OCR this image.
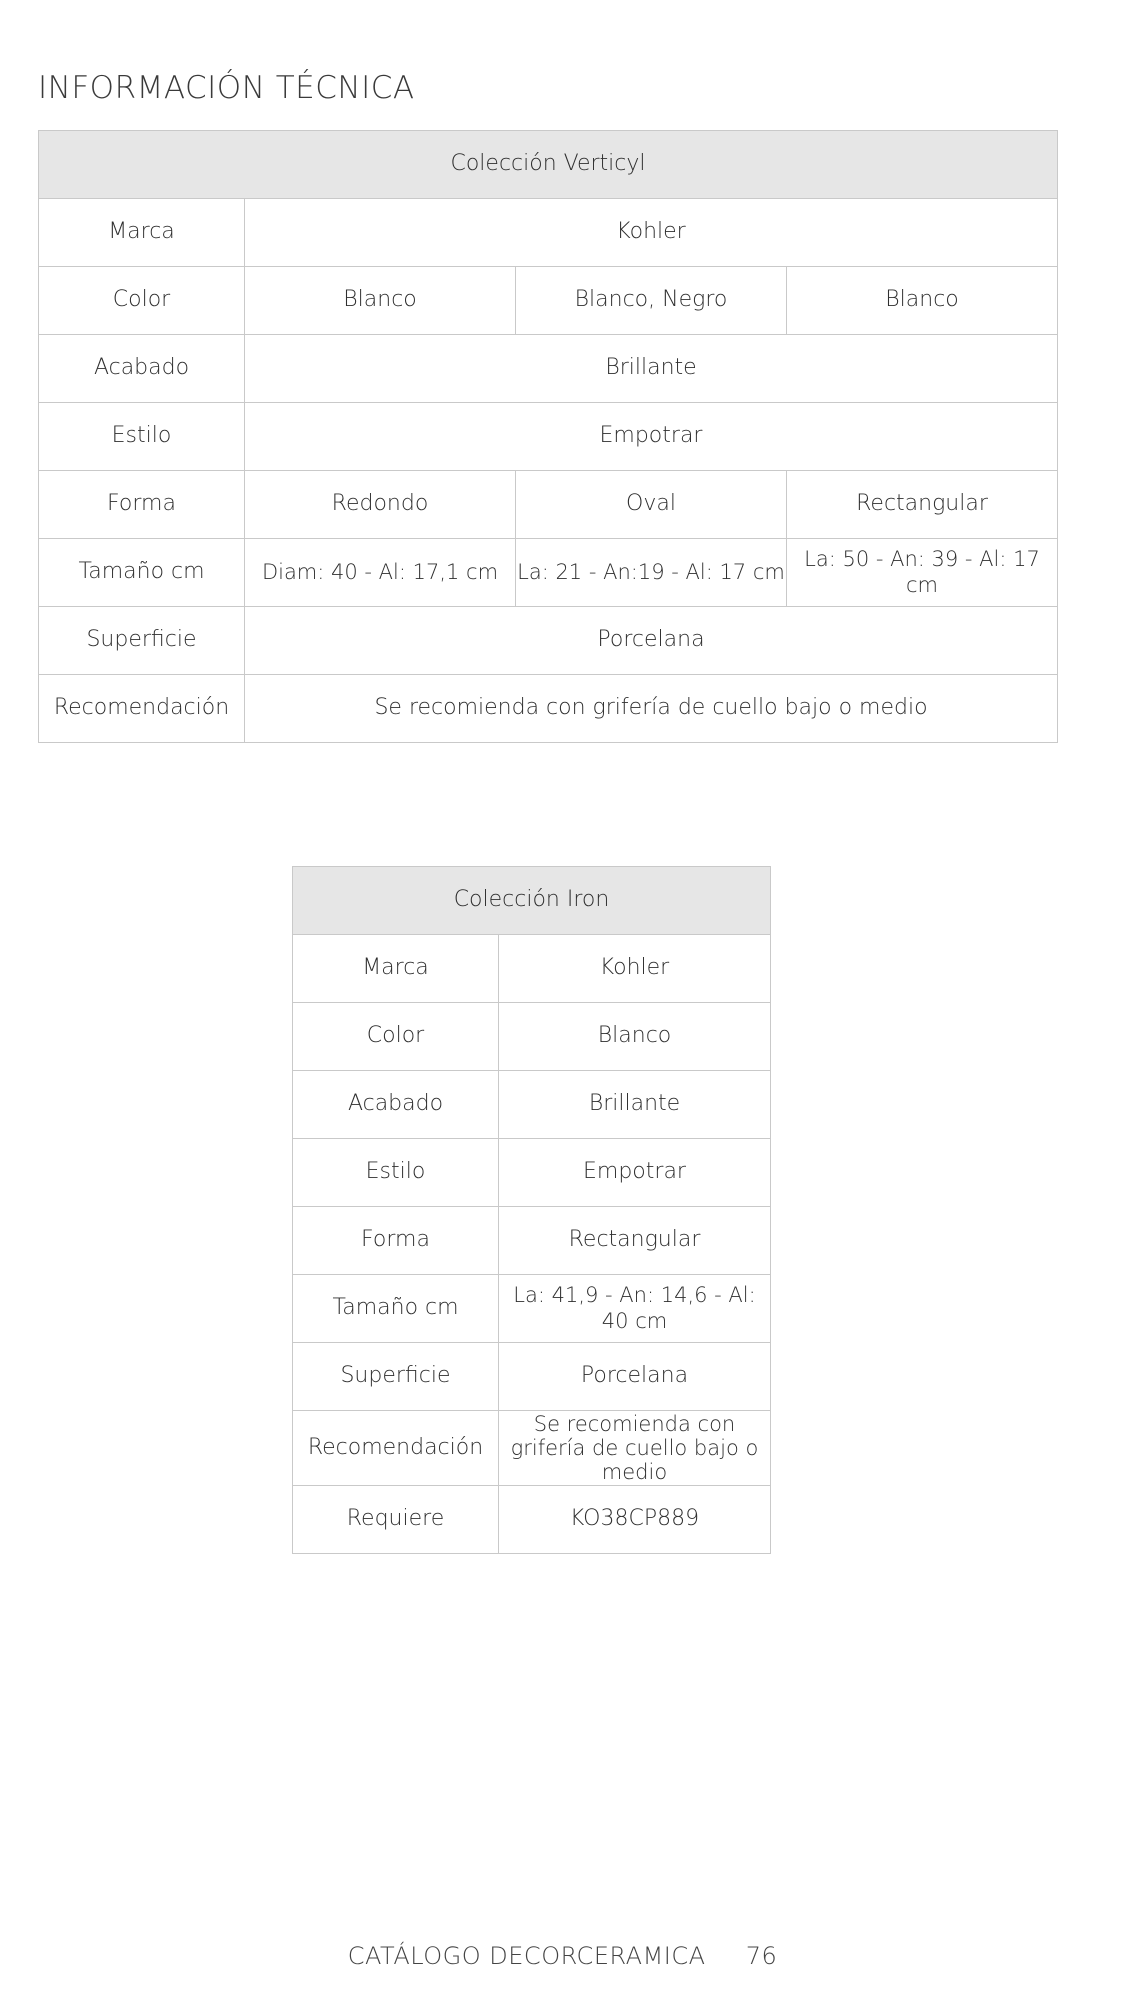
INFORMACIÓN TÉCNICA
Colección Verticyl			
Marca	Kohler		
Color	Blanco	Blanco, Negro	Blanco
Acabado	Brillante		
Estilo	Empotrar		
Forma	Redondo	Oval	Rectangular
Tamaño cm	Diam: 40 - Al: 17,1 cm	La: 21 - An:19 - Al: 17 cm	La: 50 - An: 39 - Al: 17 cm
Superficie	Porcelana		
Recomendación	Se recomienda con grifería de cuello bajo o medio		
Colección Iron	
Marca	Kohler
Color	Blanco
Acabado	Brillante
Estilo	Empotrar
Forma	Rectangular
Tamaño cm	La: 41,9 - An: 14,6 - Al: 40 cm
Superficie	Porcelana
Recomendación	Se recomienda con grifería de cuello bajo o medio
Requiere	KO38CP889
CATÁLOGO DECORCERAMICA 76
